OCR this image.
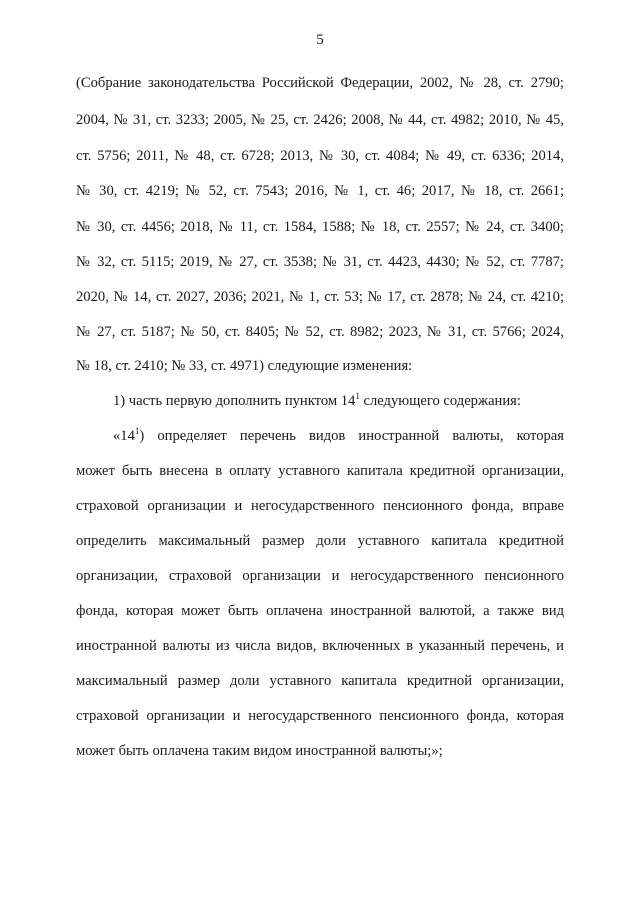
5
(Собрание законодательства Российской Федерации, 2002, № 28, ст. 2790;
2004, № 31, ст. 3233; 2005, № 25, ст. 2426; 2008, № 44, ст. 4982; 2010, № 45,
ст. 5756; 2011, № 48, ст. 6728; 2013, № 30, ст. 4084; № 49, ст. 6336; 2014,
№ 30, ст. 4219; № 52, ст. 7543; 2016, № 1, ст. 46; 2017, № 18, ст. 2661;
№ 30, ст. 4456; 2018, № 11, ст. 1584, 1588; № 18, ст. 2557; № 24, ст. 3400;
№ 32, ст. 5115; 2019, № 27, ст. 3538; № 31, ст. 4423, 4430; № 52, ст. 7787;
2020, № 14, ст. 2027, 2036; 2021, № 1, ст. 53; № 17, ст. 2878; № 24, ст. 4210;
№ 27, ст. 5187; № 50, ст. 8405; № 52, ст. 8982; 2023, № 31, ст. 5766; 2024,
№ 18, ст. 2410; № 33, ст. 4971) следующие изменения:
1) часть первую дополнить пунктом $14^1$ следующего содержания:
«$14^1$) определяет перечень видов иностранной валюты, которая
может быть внесена в оплату уставного капитала кредитной организации,
страховой организации и негосударственного пенсионного фонда, вправе
определить максимальный размер доли уставного капитала кредитной
организации, страховой организации и негосударственного пенсионного
фонда, которая может быть оплачена иностранной валютой, а также вид
иностранной валюты из числа видов, включенных в указанный перечень, и
максимальный размер доли уставного капитала кредитной организации,
страховой организации и негосударственного пенсионного фонда, которая
может быть оплачена таким видом иностранной валюты;»;
